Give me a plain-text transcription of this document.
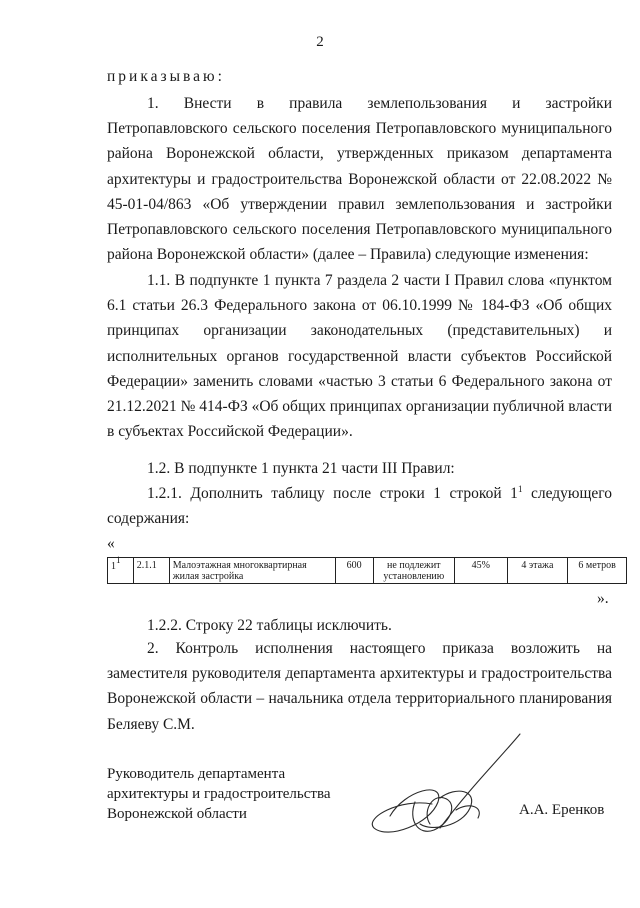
2

приказываю:

1.    Внести    в    правила    землепользования    и    застройки

Петропавловского сельского поселения Петропавловского муниципального района Воронежской области, утвержденных приказом департамента архитектуры и градостроительства Воронежской области от 22.08.2022 № 45-01-04/863 «Об утверждении правил землепользования и застройки Петропавловского сельского поселения Петропавловского муниципального района Воронежской области» (далее – Правила) следующие изменения:

1.1. В подпункте 1 пункта 7 раздела 2 части I Правил слова «пунктом 6.1 статьи 26.3 Федерального закона от 06.10.1999 № 184-ФЗ «Об общих принципах организации законодательных (представительных) и исполнительных органов государственной власти субъектов Российской Федерации» заменить словами «частью 3 статьи 6 Федерального закона от 21.12.2021 № 414-ФЗ «Об общих принципах организации публичной власти в субъектах Российской Федерации».

1.2. В подпункте 1 пункта 21 части III Правил:

1.2.1. Дополнить таблицу после строки 1 строкой $1^1$ следующего содержания:

«

$1^1$	2.1.1	Малоэтажная многоквартирная жилая застройка	600	не подлежит установлению	45%	4 этажа	6 метров
».

1.2.2. Строку 22 таблицы исключить.

2. Контроль исполнения настоящего приказа возложить на заместителя руководителя департамента архитектуры и градостроительства Воронежской области – начальника отдела территориального планирования Беляеву С.М.

Руководитель департамента
архитектуры и градостроительства
Воронежской области	А.А. Еренков
